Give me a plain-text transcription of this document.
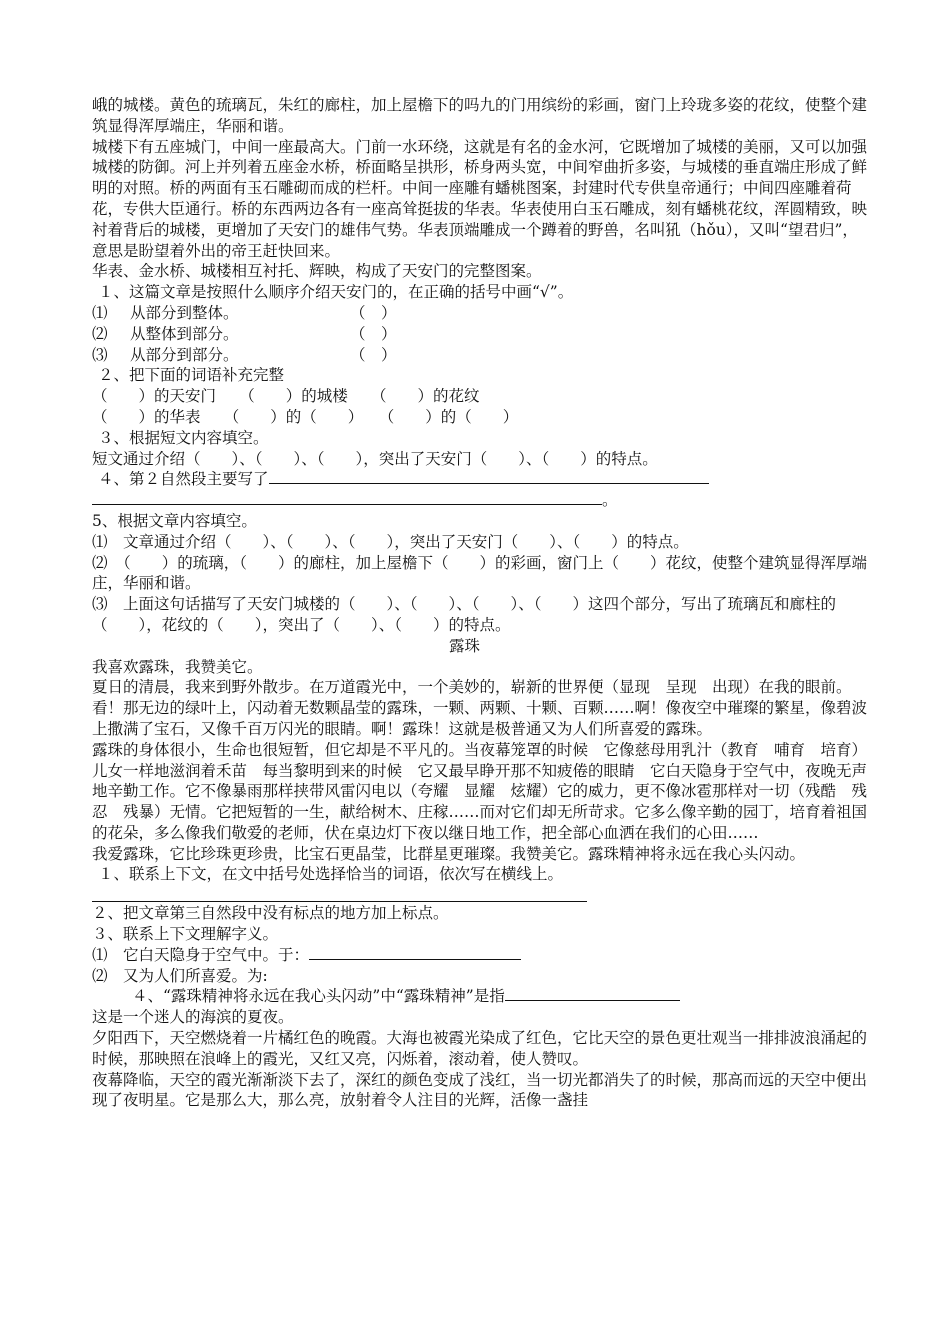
峨的城楼。黄色的琉璃瓦，朱红的廊柱，加上屋檐下的吗九的门用缤纷的彩画，窗门上玲珑多姿的花纹，使整个建筑显得浑厚端庄，华丽和谐。

城楼下有五座城门，中间一座最高大。门前一水环绕，这就是有名的金水河，它既增加了城楼的美丽，又可以加强城楼的防御。河上并列着五座金水桥，桥面略呈拱形，桥身两头宽，中间窄曲折多姿，与城楼的垂直端庄形成了鲜明的对照。桥的两面有玉石雕砌而成的栏杆。中间一座雕有蟠桃图案，封建时代专供皇帝通行；中间四座雕着荷花，专供大臣通行。桥的东西两边各有一座高耸挺拔的华表。华表使用白玉石雕成，刻有蟠桃花纹，浑圆精致，映衬着背后的城楼，更增加了天安门的雄伟气势。华表顶端雕成一个蹲着的野兽，名叫犼（hǒu），又叫“望君归”，意思是盼望着外出的帝王赶快回来。

华表、金水桥、城楼相互衬托、辉映，构成了天安门的完整图案。

１、这篇文章是按照什么顺序介绍天安门的，在正确的括号中画“√”。

⑴	从部分到整体。	（　）
⑵	从整体到部分。	（　）
⑶	从部分到部分。	（　）

２、把下面的词语补充完整

（　　）的天安门　　（　　）的城楼　　（　　）的花纹

（　　）的华表　　（　　）的（　　）　　（　　）的（　　）

３、根据短文内容填空。

短文通过介绍（　　）、（　　）、（　　），突出了天安门（　　）、（　　）的特点。

４、第２自然段主要写了

。

5、根据文章内容填空。

⑴　文章通过介绍（　　）、（　　）、（　　），突出了天安门（　　）、（　　）的特点。

⑵　（　　）的琉璃，（　　）的廊柱，加上屋檐下（　　）的彩画，窗门上（　　）花纹，使整个建筑显得浑厚端庄，华丽和谐。

⑶　上面这句话描写了天安门城楼的（　　）、（　　）、（　　）、（　　）这四个部分，写出了琉璃瓦和廊柱的（　　），花纹的（　　），突出了（　　）、（　　）的特点。

露珠

我喜欢露珠，我赞美它。

夏日的清晨，我来到野外散步。在万道霞光中，一个美妙的，崭新的世界便（显现　呈现　出现）在我的眼前。看！那无边的绿叶上，闪动着无数颗晶莹的露珠，一颗、两颗、十颗、百颗……啊！像夜空中璀璨的繁星，像碧波上撒满了宝石，又像千百万闪光的眼睛。啊！露珠！这就是极普通又为人们所喜爱的露珠。

露珠的身体很小，生命也很短暂，但它却是不平凡的。当夜幕笼罩的时候　它像慈母用乳汁（教育　哺育　培育）儿女一样地滋润着禾苗　每当黎明到来的时候　它又最早睁开那不知疲倦的眼睛　它白天隐身于空气中，夜晚无声地辛勤工作。它不像暴雨那样挟带风雷闪电以（夸耀　显耀　炫耀）它的威力，更不像冰雹那样对一切（残酷　残忍　残暴）无情。它把短暂的一生，献给树木、庄稼……而对它们却无所苛求。它多么像辛勤的园丁，培育着祖国的花朵，多么像我们敬爱的老师，伏在桌边灯下夜以继日地工作，把全部心血洒在我们的心田……

我爱露珠，它比珍珠更珍贵，比宝石更晶莹，比群星更璀璨。我赞美它。露珠精神将永远在我心头闪动。

１、联系上下文，在文中括号处选择恰当的词语，依次写在横线上。

２、把文章第三自然段中没有标点的地方加上标点。

３、联系上下文理解字义。

⑴　它白天隐身于空气中。于：

⑵　又为人们所喜爱。为:

４、“露珠精神将永远在我心头闪动”中“露珠精神”是指

这是一个迷人的海滨的夏夜。

夕阳西下，天空燃烧着一片橘红色的晚霞。大海也被霞光染成了红色，它比天空的景色更壮观当一排排波浪涌起的时候，那映照在浪峰上的霞光，又红又亮，闪烁着，滚动着，使人赞叹。

夜幕降临，天空的霞光渐渐淡下去了，深红的颜色变成了浅红，当一切光都消失了的时候，那高而远的天空中便出现了夜明星。它是那么大，那么亮，放射着令人注目的光辉，活像一盏挂
